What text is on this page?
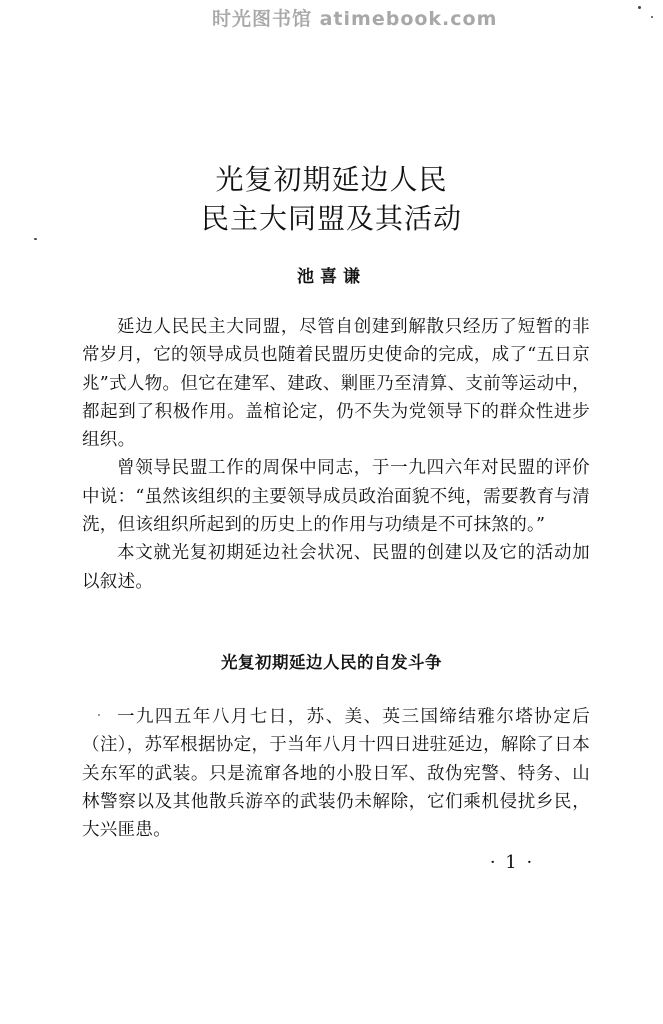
时光图书馆 atimebook.com
光复初期延边人民
民主大同盟及其活动
池喜谦

延边人民民主大同盟，尽管自创建到解散只经历了短暂的非常岁月，它的领导成员也随着民盟历史使命的完成，成了“五日京兆”式人物。但它在建军、建政、剿匪乃至清算、支前等运动中，都起到了积极作用。盖棺论定，仍不失为党领导下的群众性进步组织。

曾领导民盟工作的周保中同志，于一九四六年对民盟的评价中说：“虽然该组织的主要领导成员政治面貌不纯，需要教育与清洗，但该组织所起到的历史上的作用与功绩是不可抹煞的。”

本文就光复初期延边社会状况、民盟的创建以及它的活动加以叙述。

光复初期延边人民的自发斗争

一九四五年八月七日，苏、美、英三国缔结雅尔塔协定后（注），苏军根据协定，于当年八月十四日进驻延边，解除了日本关东军的武装。只是流窜各地的小股日军、敌伪宪警、特务、山林警察以及其他散兵游卒的武装仍未解除，它们乘机侵扰乡民，大兴匪患。

· 1 ·
